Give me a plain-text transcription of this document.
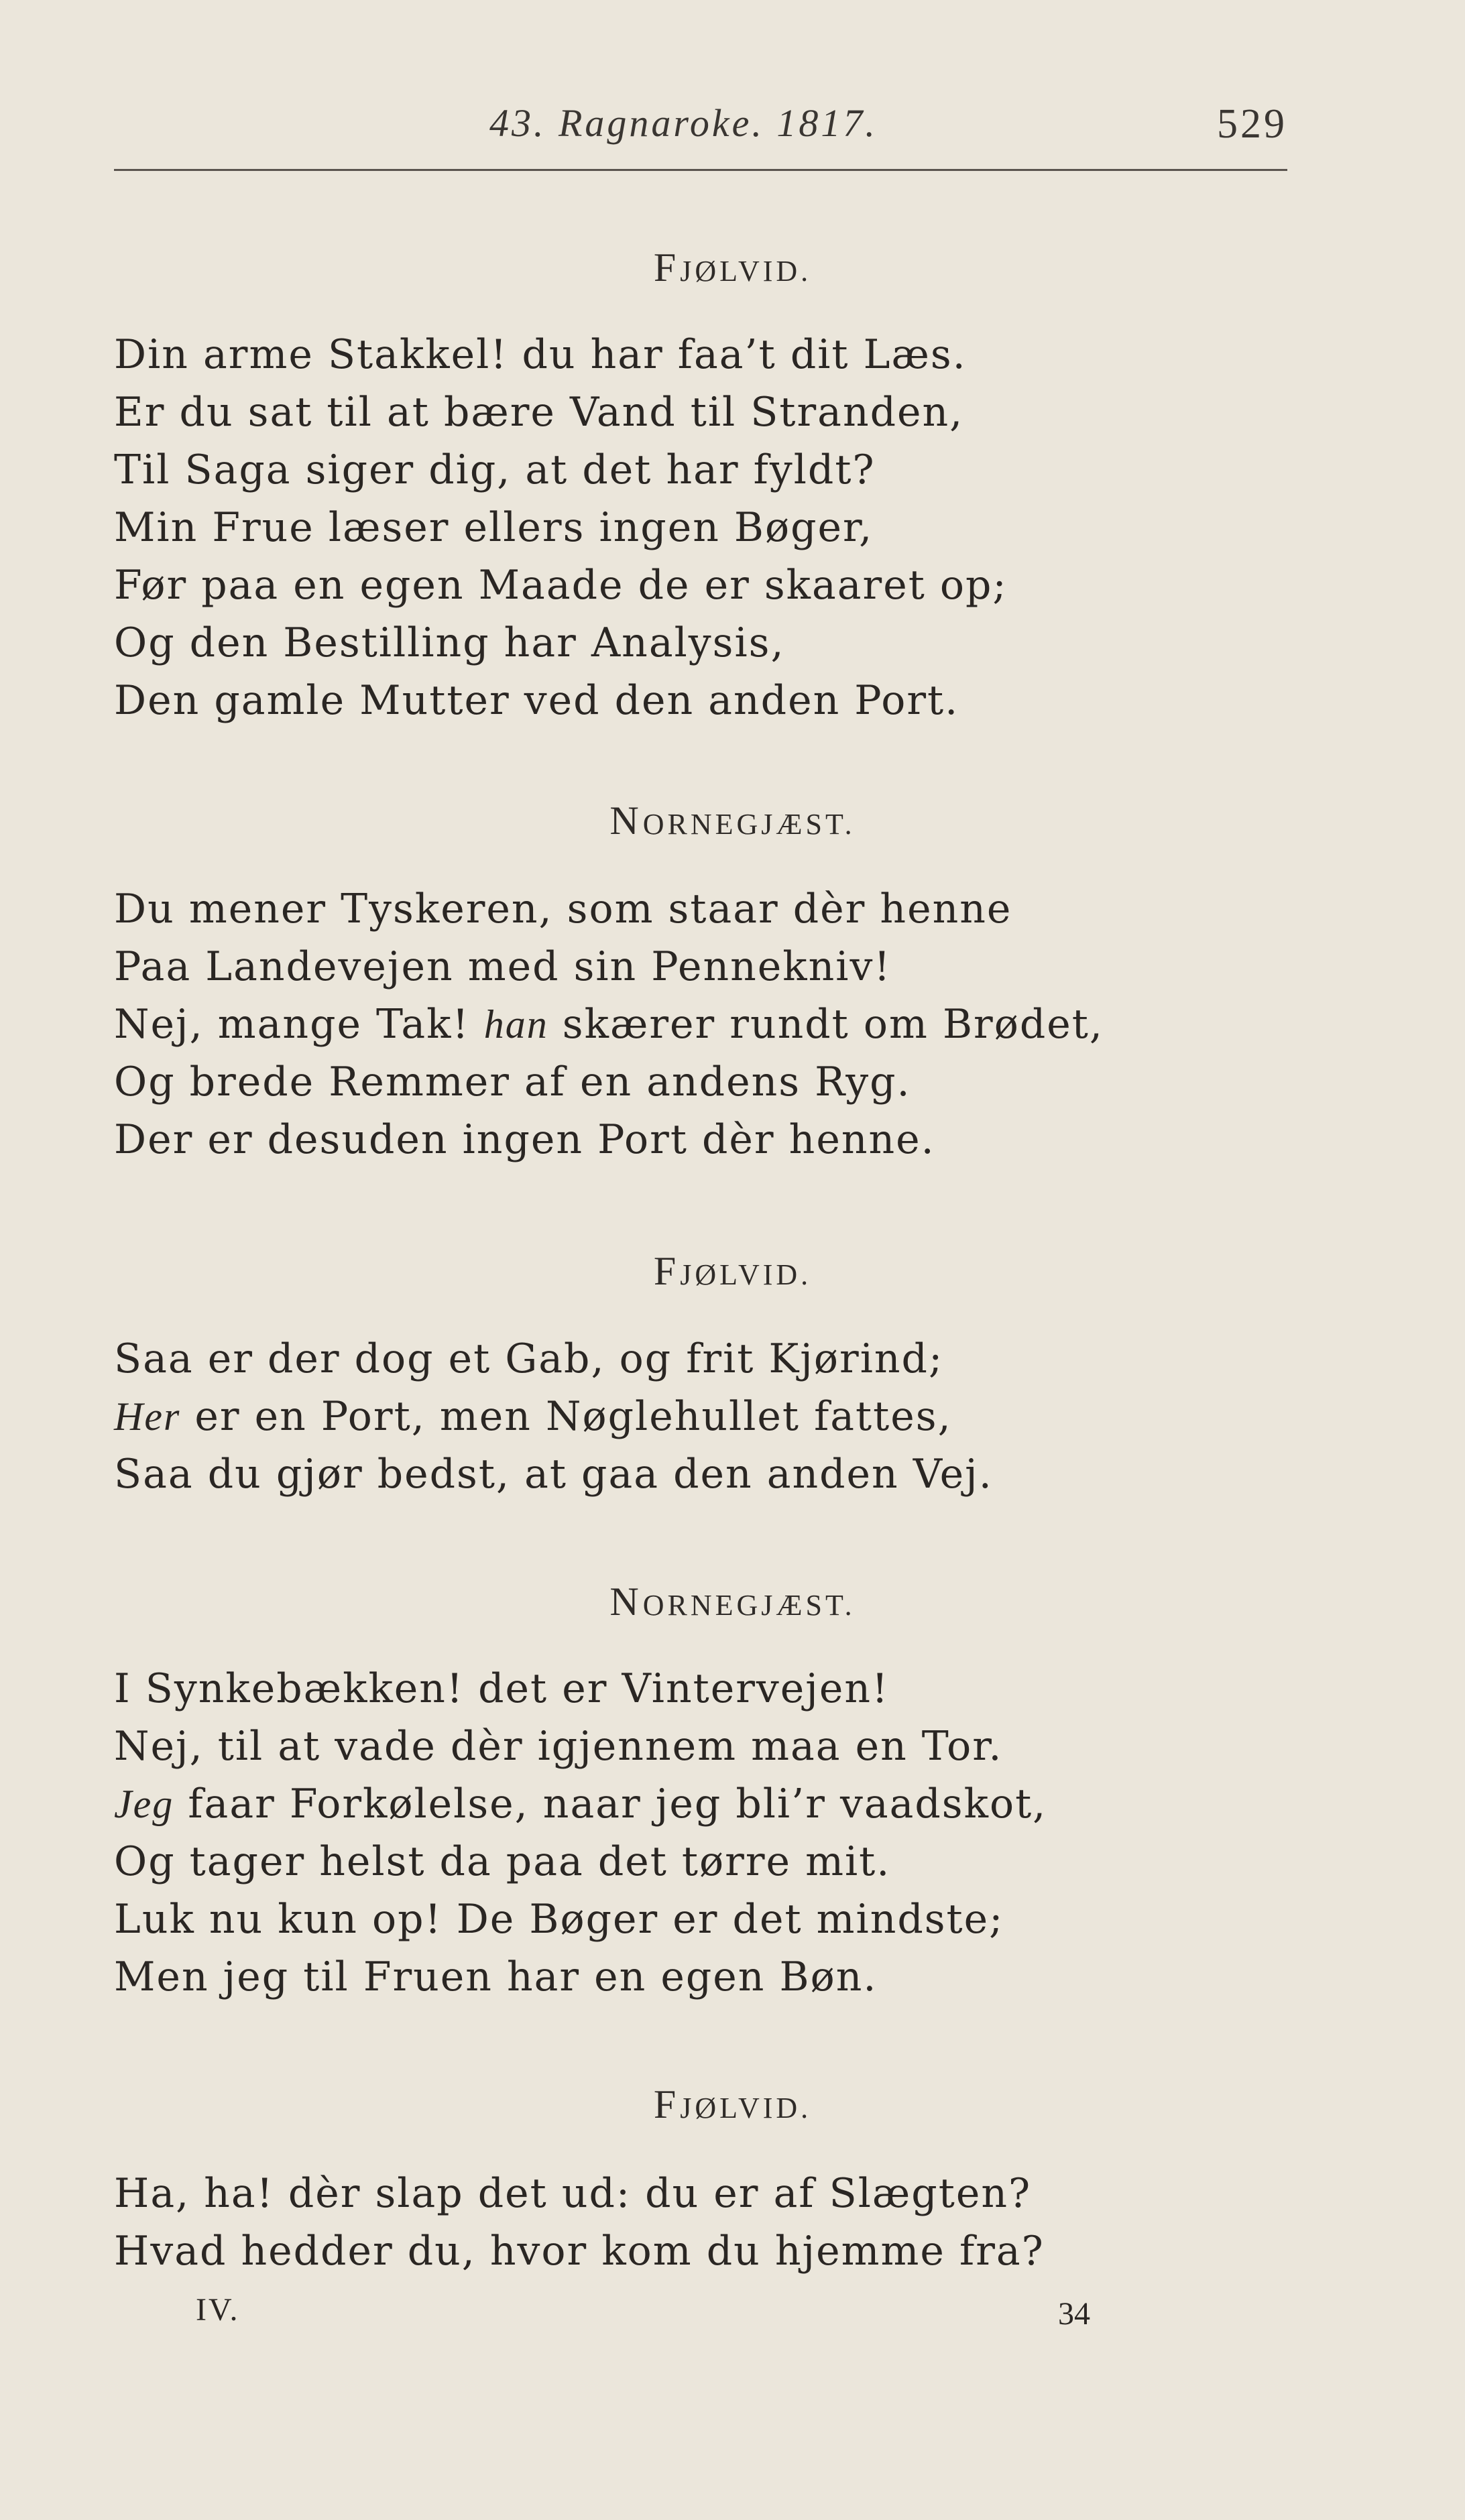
43. Ragnaroke. 1817.	529
FJØLVID.
Din arme Stakkel! du har faa’t dit Læs.
Er du sat til at bære Vand til Stranden,
Til Saga siger dig, at det har fyldt?
Min Frue læser ellers ingen Bøger,
Før paa en egen Maade de er skaaret op;
Og den Bestilling har Analysis,
Den gamle Mutter ved den anden Port.
NORNEGJÆST.
Du mener Tyskeren, som staar dèr henne
Paa Landevejen med sin Pennekniv!
Nej, mange Tak! han skærer rundt om Brødet,
Og brede Remmer af en andens Ryg.
Der er desuden ingen Port dèr henne.
FJØLVID.
Saa er der dog et Gab, og frit Kjørind;
Her er en Port, men Nøglehullet fattes,
Saa du gjør bedst, at gaa den anden Vej.
NORNEGJÆST.
I Synkebækken! det er Vintervejen!
Nej, til at vade dèr igjennem maa en Tor.
Jeg faar Forkølelse, naar jeg bli’r vaadskot,
Og tager helst da paa det tørre mit.
Luk nu kun op! De Bøger er det mindste;
Men jeg til Fruen har en egen Bøn.
FJØLVID.
Ha, ha! dèr slap det ud: du er af Slægten?
Hvad hedder du, hvor kom du hjemme fra?
IV.	34
